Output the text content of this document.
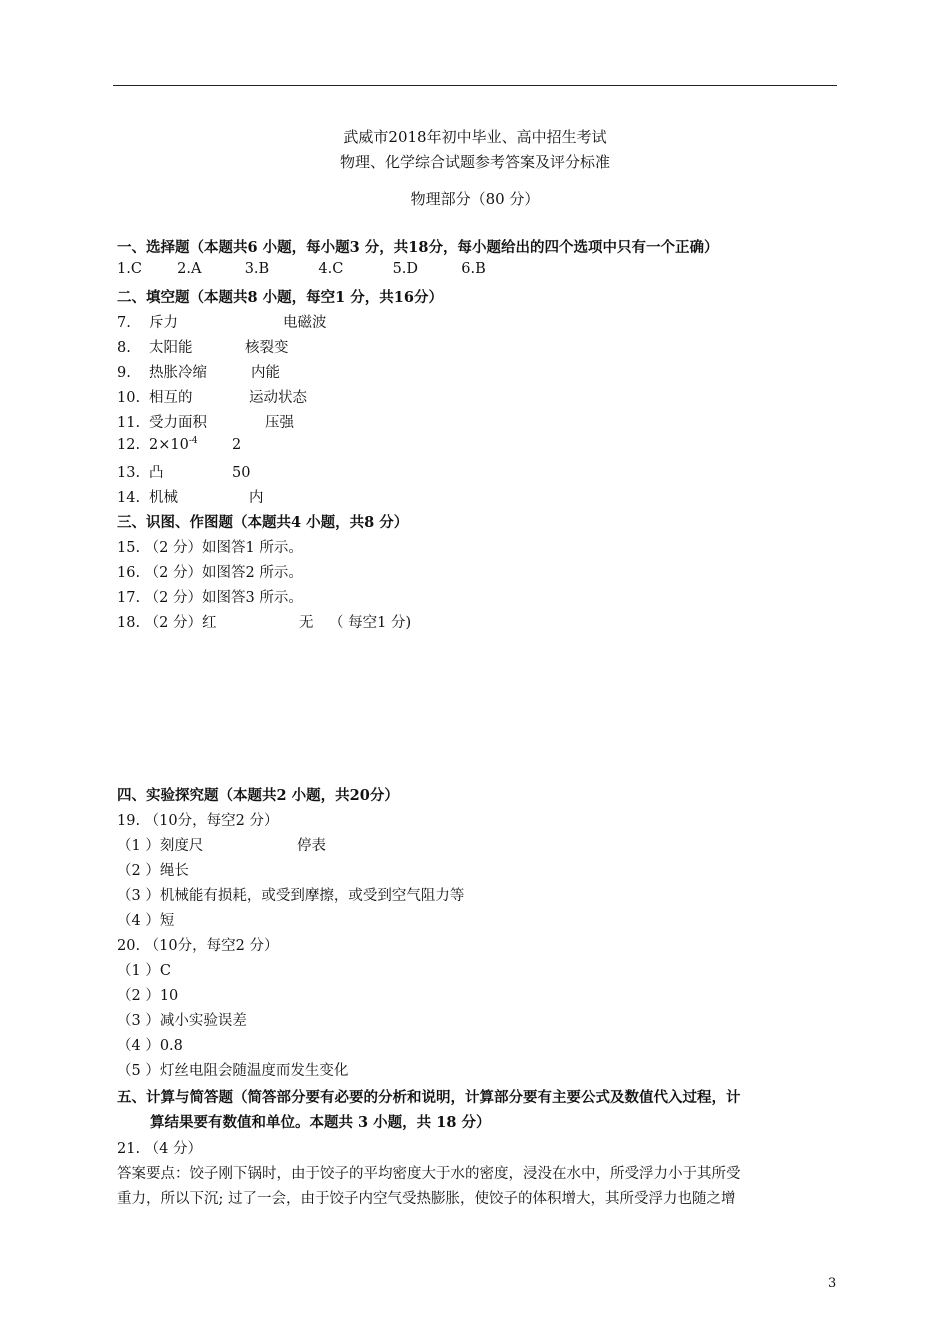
武威市2018年初中毕业、高中招生考试
物理、化学综合试题参考答案及评分标准
物理部分（80 分）
一、选择题（本题共6 小题，每小题3 分，共18分，每小题给出的四个选项中只有一个正确）
1.C 2.A	3.B	4.C	5.D	6.B
二、填空题（本题共8 小题，每空1 分，共16分）
7. 斥力	电磁波
8. 太阳能	核裂变
9. 热胀冷缩	内能
10. 相互的	运动状态
11. 受力面积	压强
12. $2\times 10^{-4}$ 2
13. 凸	50
14. 机械	内
三、识图、作图题（本题共4 小题，共8 分）
15. （2 分）如图答1 所示。
16. （2 分）如图答2 所示。
17. （2 分）如图答3 所示。
18. （2 分）红	无 （ 每空1 分)
四、实验探究题（本题共2 小题，共20分）
19. （10分，每空2 分）
（1 ）刻度尺	停表
（2 ）绳长
（3 ）机械能有损耗，或受到摩擦，或受到空气阻力等
（4 ）短
20. （10分，每空2 分）
（1 ）C
（2 ）10
（3 ）减小实验误差
（4 ）0.8
（5 ）灯丝电阻会随温度而发生变化
五、计算与简答题（简答部分要有必要的分析和说明，计算部分要有主要公式及数值代入过程，计
算结果要有数值和单位。本题共 3 小题，共 18 分）
21. （4 分）
答案要点：饺子刚下锅时，由于饺子的平均密度大于水的密度，浸没在水中，所受浮力小于其所受
重力，所以下沉; 过了一会，由于饺子内空气受热膨胀，使饺子的体积增大，其所受浮力也随之增
3
